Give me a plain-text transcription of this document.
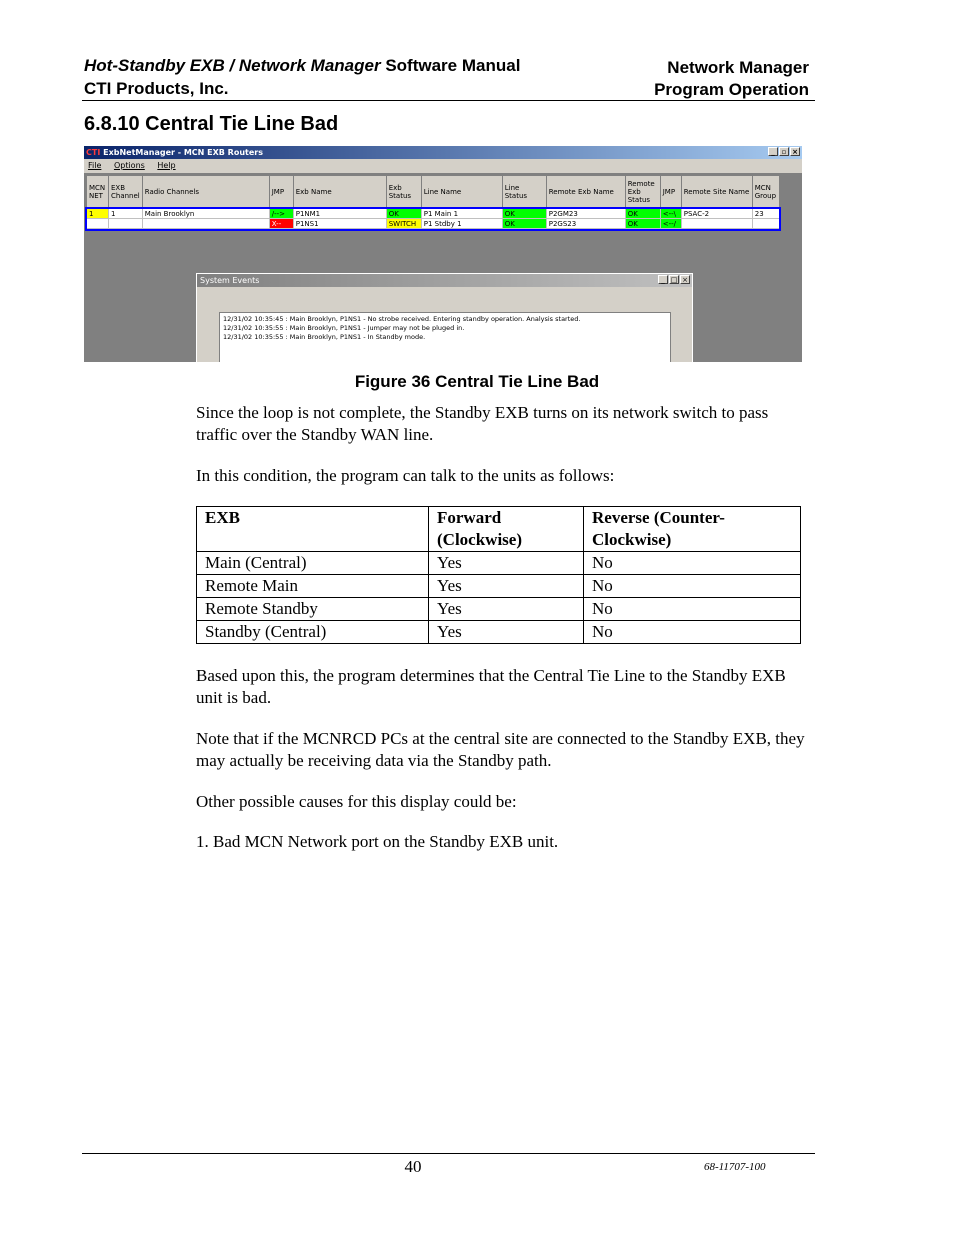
Hot-Standby EXB / Network Manager Software Manual
CTI Products, Inc.
Network Manager
Program Operation
6.8.10 Central Tie Line Bad
CTI ExbNetManager - MCN EXB Routers	_ ▫ ×
File Options Help
MCN NET	EXB Channel	Radio Channels	JMP	Exb Name	Exb Status	Line Name	Line Status	Remote Exb Name	Remote Exb Status	JMP	Remote Site Name	MCN Group
1	1	Main Brooklyn	/-->	P1NM1	OK	P1 Main 1	OK	P2GM23	OK	<--\	PSAC-2	23
			X--	P1NS1	SWITCH	P1 Stdby 1	OK	P2GS23	OK	<--/		
System Events	_ □ ×
12/31/02 10:35:45 : Main Brooklyn, P1NS1 - No strobe received. Entering standby operation. Analysis started.
12/31/02 10:35:55 : Main Brooklyn, P1NS1 - Jumper may not be pluged in.
12/31/02 10:35:55 : Main Brooklyn, P1NS1 - In Standby mode.
Figure 36 Central Tie Line Bad
Since the loop is not complete, the Standby EXB turns on its network switch to pass traffic over the Standby WAN line.
In this condition, the program can talk to the units as follows:
EXB	Forward (Clockwise)	Reverse (Counter-Clockwise)
Main (Central)	Yes	No
Remote Main	Yes	No
Remote Standby	Yes	No
Standby (Central)	Yes	No
Based upon this, the program determines that the Central Tie Line to the Standby EXB unit is bad.
Note that if the MCNRCD PCs at the central site are connected to the Standby EXB, they may actually be receiving data via the Standby path.
Other possible causes for this display could be:
1. Bad MCN Network port on the Standby EXB unit.
40	68-11707-100
